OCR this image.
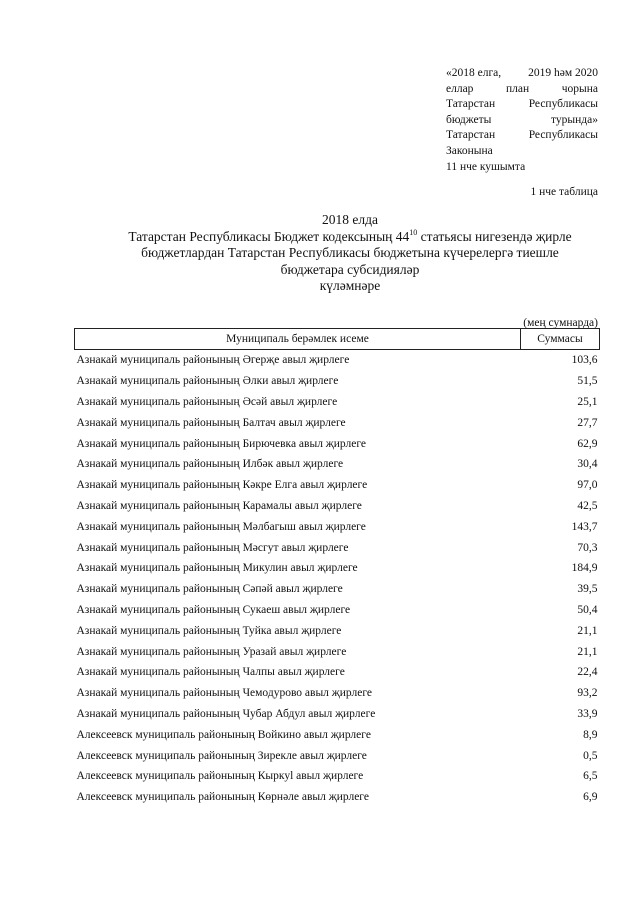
«2018 елга, 2019 һәм 2020
еллар	план	чорына
Татарстан	Республикасы
бюджеты	турында»
Татарстан	Республикасы
Законына
11 нче кушымта
1 нче таблица
2018 елда
Татарстан Республикасы Бюджет кодексының $44^{10}$ статьясы нигезендә җирле
бюджетлардан Татарстан Республикасы бюджетына күчерелергә тиешле
бюджетара субсидияләр
күләмнәре
(мең сумнарда)
Муниципаль берәмлек исеме	Суммасы
Азнакай муниципаль районының Әгерҗе авыл җирлеге	103,6
Азнакай муниципаль районының Әлки авыл җирлеге	51,5
Азнакай муниципаль районының Әсәй авыл җирлеге	25,1
Азнакай муниципаль районының Балтач авыл җирлеге	27,7
Азнакай муниципаль районының Бирючевка авыл җирлеге	62,9
Азнакай муниципаль районының Илбәк авыл җирлеге	30,4
Азнакай муниципаль районының Кәкре Елга авыл җирлеге	97,0
Азнакай муниципаль районының Карамалы авыл җирлеге	42,5
Азнакай муниципаль районының Мәлбагыш авыл җирлеге	143,7
Азнакай муниципаль районының Мәсгут авыл җирлеге	70,3
Азнакай муниципаль районының Микулин авыл җирлеге	184,9
Азнакай муниципаль районының Сәпәй авыл җирлеге	39,5
Азнакай муниципаль районының Сукаеш авыл җирлеге	50,4
Азнакай муниципаль районының Туйка авыл җирлеге	21,1
Азнакай муниципаль районының Уразай авыл җирлеге	21,1
Азнакай муниципаль районының Чалпы авыл җирлеге	22,4
Азнакай муниципаль районының Чемодурово авыл җирлеге	93,2
Азнакай муниципаль районының Чубар Абдул авыл җирлеге	33,9
Алексеевск муниципаль районының Войкино авыл җирлеге	8,9
Алексеевск муниципаль районының Зирекле авыл җирлеге	0,5
Алексеевск муниципаль районының Кыркуl авыл җирлеге	6,5
Алексеевск муниципаль районының Көрнәле авыл җирлеге	6,9
